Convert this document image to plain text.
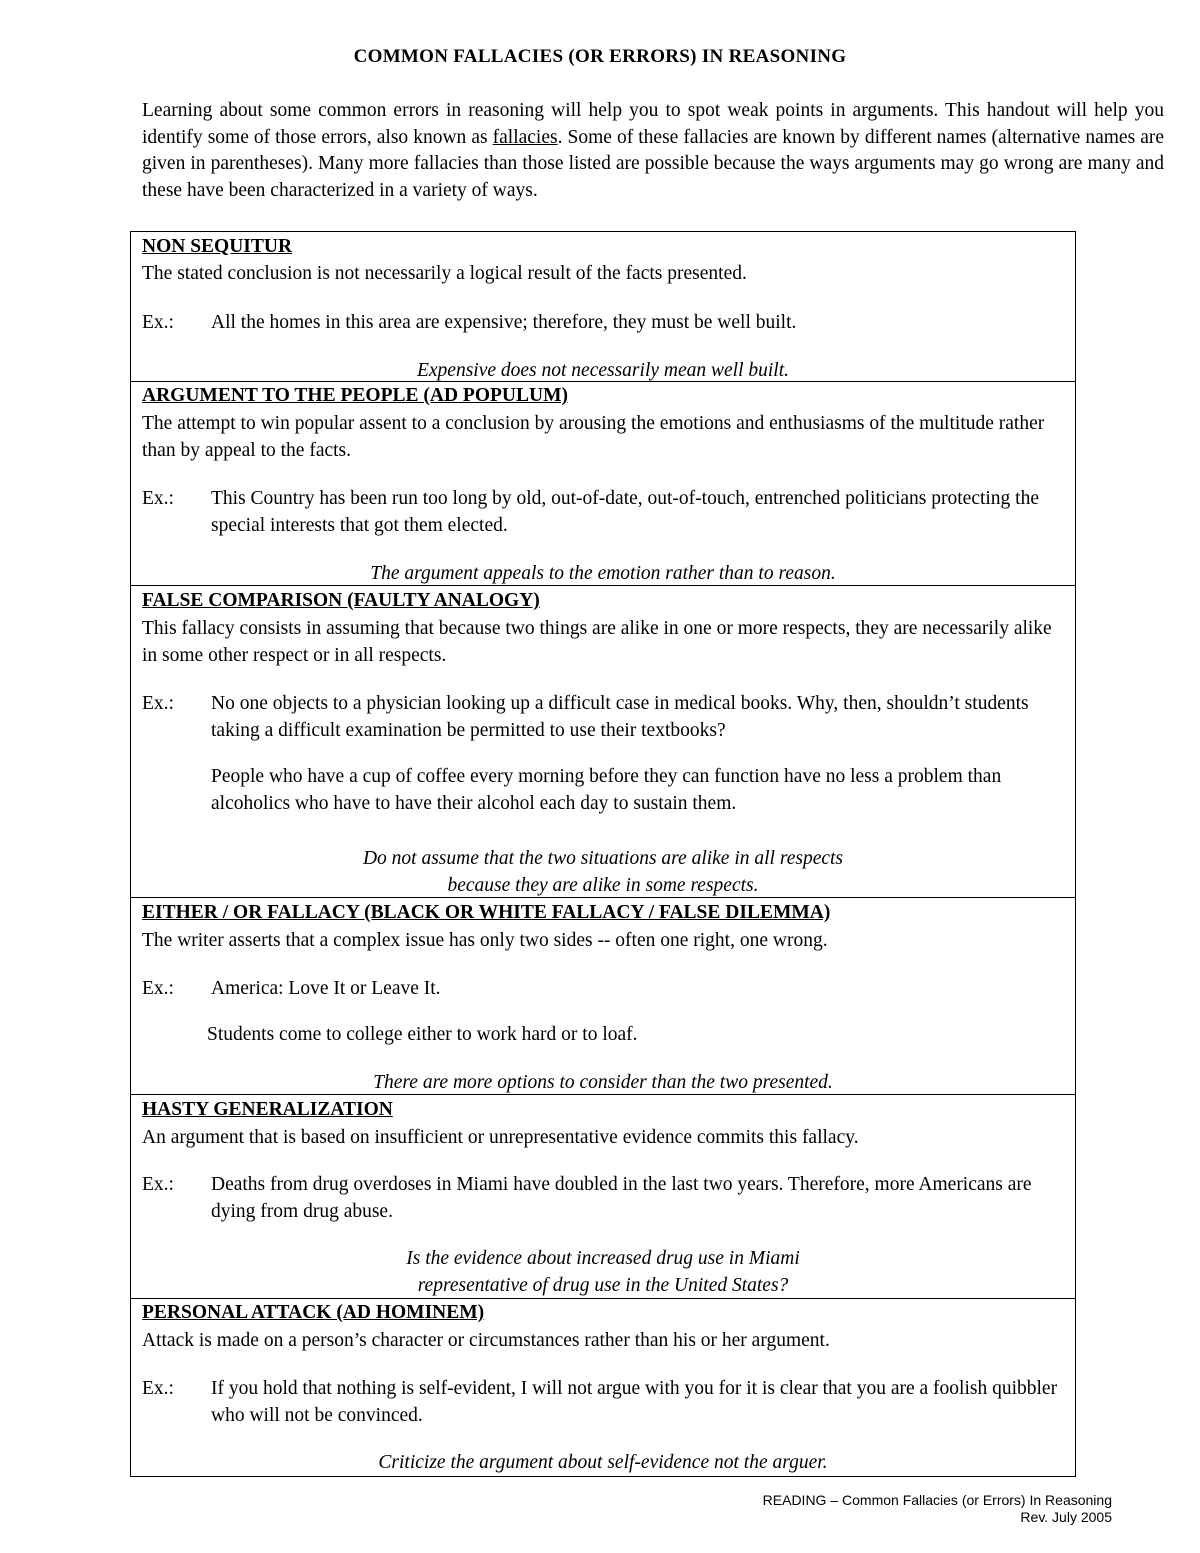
COMMON FALLACIES (OR ERRORS) IN REASONING

Learning about some common errors in reasoning will help you to spot weak points in arguments. This handout will help you identify some of those errors, also known as fallacies. Some of these fallacies are known by different names (alternative names are given in parentheses). Many more fallacies than those listed are possible because the ways arguments may go wrong are many and these have been characterized in a variety of ways.

NON SEQUITUR
The stated conclusion is not necessarily a logical result of the facts presented.
Ex.: All the homes in this area are expensive; therefore, they must be well built.
Expensive does not necessarily mean well built.
ARGUMENT TO THE PEOPLE (AD POPULUM)
The attempt to win popular assent to a conclusion by arousing the emotions and enthusiasms of the multitude rather than by appeal to the facts.
Ex.: This Country has been run too long by old, out-of-date, out-of-touch, entrenched politicians protecting the special interests that got them elected.
The argument appeals to the emotion rather than to reason.
FALSE COMPARISON (FAULTY ANALOGY)
This fallacy consists in assuming that because two things are alike in one or more respects, they are necessarily alike in some other respect or in all respects.
Ex.: No one objects to a physician looking up a difficult case in medical books. Why, then, shouldn’t students taking a difficult examination be permitted to use their textbooks?
People who have a cup of coffee every morning before they can function have no less a problem than alcoholics who have to have their alcohol each day to sustain them.
Do not assume that the two situations are alike in all respects
because they are alike in some respects.
EITHER / OR FALLACY (BLACK OR WHITE FALLACY / FALSE DILEMMA)
The writer asserts that a complex issue has only two sides -- often one right, one wrong.
Ex.: America: Love It or Leave It.
Students come to college either to work hard or to loaf.
There are more options to consider than the two presented.
HASTY GENERALIZATION
An argument that is based on insufficient or unrepresentative evidence commits this fallacy.
Ex.: Deaths from drug overdoses in Miami have doubled in the last two years. Therefore, more Americans are dying from drug abuse.
Is the evidence about increased drug use in Miami
representative of drug use in the United States?
PERSONAL ATTACK (AD HOMINEM)
Attack is made on a person’s character or circumstances rather than his or her argument.
Ex.: If you hold that nothing is self-evident, I will not argue with you for it is clear that you are a foolish quibbler who will not be convinced.
Criticize the argument about self-evidence not the arguer.
READING – Common Fallacies (or Errors) In Reasoning
Rev. July 2005
